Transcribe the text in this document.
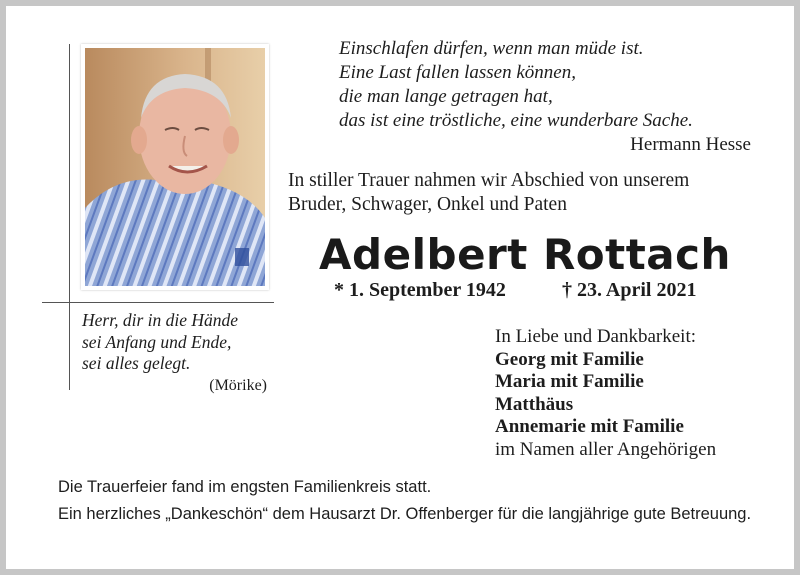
Einschlafen dürfen, wenn man müde ist.
Eine Last fallen lassen können,
die man lange getragen hat,
das ist eine tröstliche, eine wunderbare Sache.
Hermann Hesse
In stiller Trauer nahmen wir Abschied von unserem
Bruder, Schwager, Onkel und Paten
Adelbert Rottach
* 1. September 1942	† 23. April 2021
Herr, dir in die Hände
sei Anfang und Ende,
sei alles gelegt.
(Mörike)
In Liebe und Dankbarkeit:
Georg mit Familie
Maria mit Familie
Matthäus
Annemarie mit Familie
im Namen aller Angehörigen
Die Trauerfeier fand im engsten Familienkreis statt.
Ein herzliches „Dankeschön“ dem Hausarzt Dr. Offenberger für die langjährige gute Betreuung.
